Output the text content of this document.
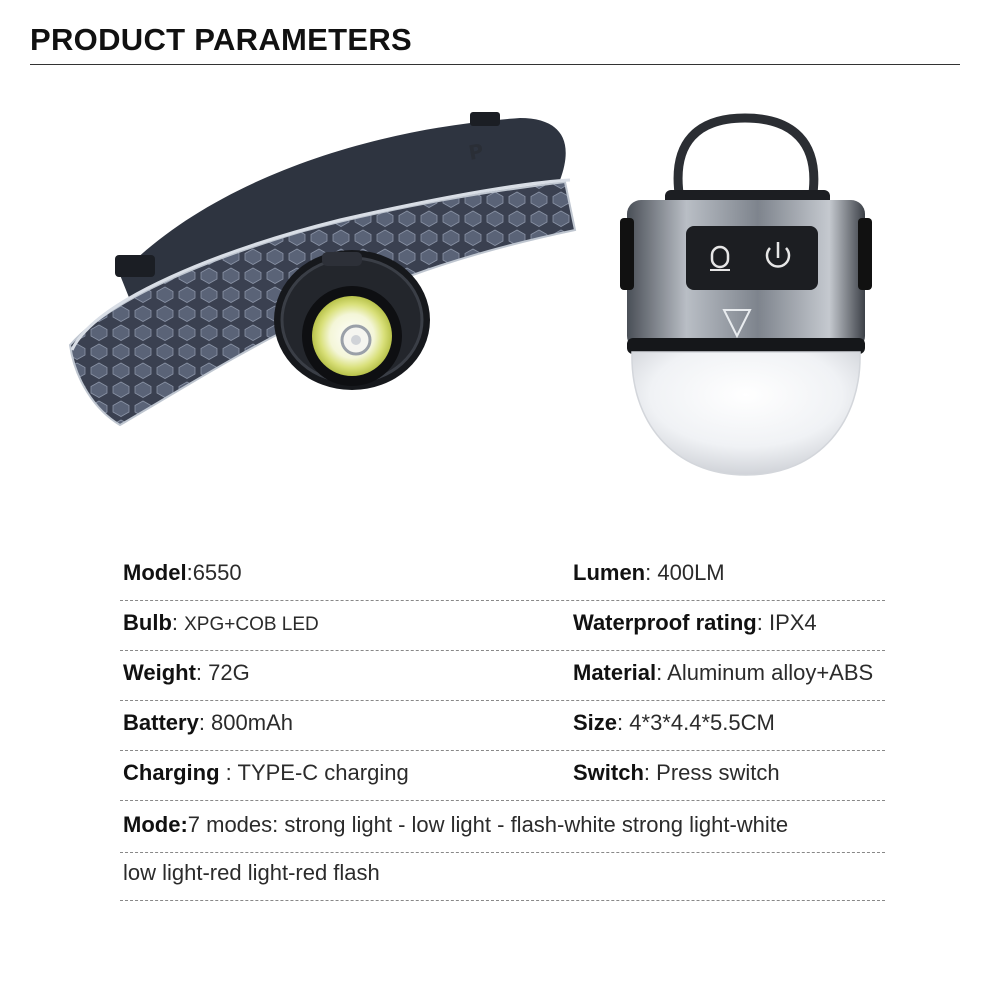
PRODUCT PARAMETERS
P
Model:6550	Lumen: 400LM
Bulb: XPG+COB LED	Waterproof rating: IPX4
Weight: 72G	Material: Aluminum alloy+ABS
Battery: 800mAh	Size: 4*3*4.4*5.5CM
Charging : TYPE-C charging	Switch: Press switch
Mode:7 modes: strong light - low light - flash-white strong light-white
low light-red light-red flash
